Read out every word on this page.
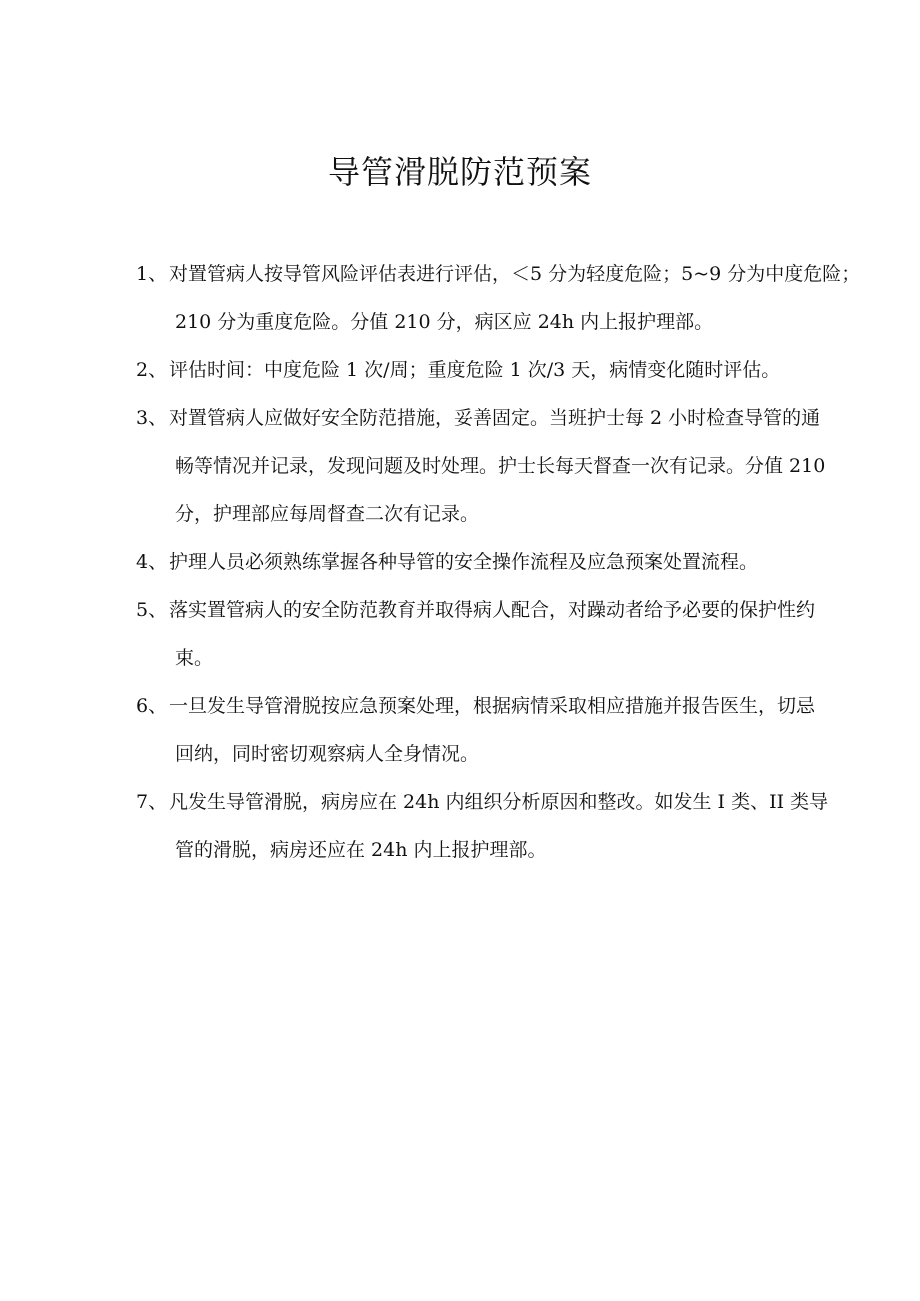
导管滑脱防范预案
1、 对置管病人按导管风险评估表进行评估，＜5 分为轻度危险；5~9 分为中度危险；
210 分为重度危险。分值 210 分，病区应 24h 内上报护理部。
2、 评估时间：中度危险 1 次/周；重度危险 1 次/3 天，病情变化随时评估。
3、 对置管病人应做好安全防范措施，妥善固定。当班护士每 2 小时检查导管的通
畅等情况并记录，发现问题及时处理。护士长每天督查一次有记录。分值 210
分，护理部应每周督查二次有记录。
4、 护理人员必须熟练掌握各种导管的安全操作流程及应急预案处置流程。
5、 落实置管病人的安全防范教育并取得病人配合，对躁动者给予必要的保护性约
束。
6、 一旦发生导管滑脱按应急预案处理，根据病情采取相应措施并报告医生，切忌
回纳，同时密切观察病人全身情况。
7、 凡发生导管滑脱，病房应在 24h 内组织分析原因和整改。如发生 I 类、II 类导
管的滑脱，病房还应在 24h 内上报护理部。
